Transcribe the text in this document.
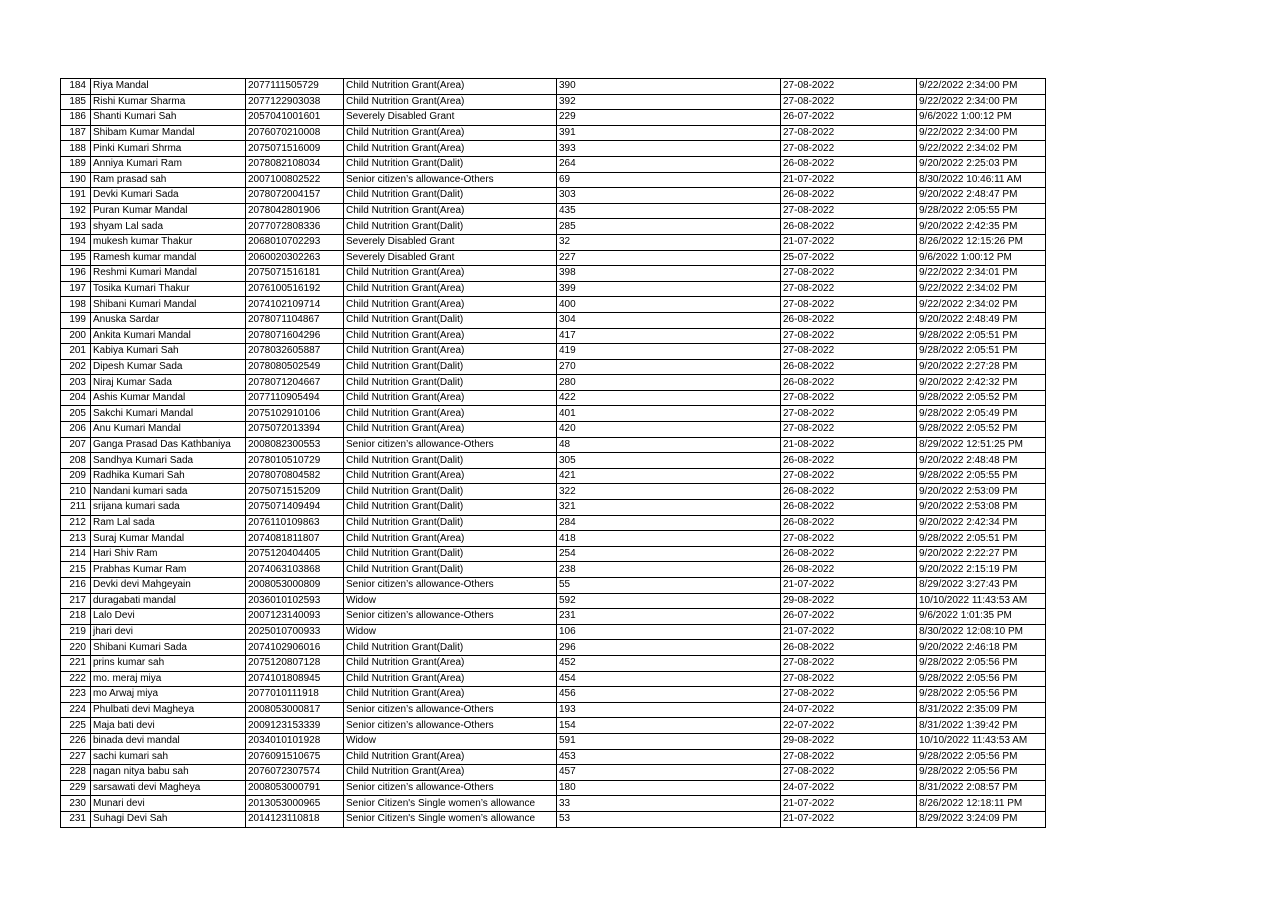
184	Riya Mandal	2077111505729	Child Nutrition Grant(Area)	390	27-08-2022	9/22/2022 2:34:00 PM
185	Rishi Kumar Sharma	2077122903038	Child Nutrition Grant(Area)	392	27-08-2022	9/22/2022 2:34:00 PM
186	Shanti Kumari Sah	2057041001601	Severely Disabled Grant	229	26-07-2022	9/6/2022 1:00:12 PM
187	Shibam Kumar Mandal	2076070210008	Child Nutrition Grant(Area)	391	27-08-2022	9/22/2022 2:34:00 PM
188	Pinki Kumari Shrma	2075071516009	Child Nutrition Grant(Area)	393	27-08-2022	9/22/2022 2:34:02 PM
189	Anniya Kumari Ram	2078082108034	Child Nutrition Grant(Dalit)	264	26-08-2022	9/20/2022 2:25:03 PM
190	Ram prasad sah	2007100802522	Senior citizen’s allowance-Others	69	21-07-2022	8/30/2022 10:46:11 AM
191	Devki Kumari Sada	2078072004157	Child Nutrition Grant(Dalit)	303	26-08-2022	9/20/2022 2:48:47 PM
192	Puran Kumar Mandal	2078042801906	Child Nutrition Grant(Area)	435	27-08-2022	9/28/2022 2:05:55 PM
193	shyam Lal sada	2077072808336	Child Nutrition Grant(Dalit)	285	26-08-2022	9/20/2022 2:42:35 PM
194	mukesh kumar Thakur	2068010702293	Severely Disabled Grant	32	21-07-2022	8/26/2022 12:15:26 PM
195	Ramesh kumar mandal	2060020302263	Severely Disabled Grant	227	25-07-2022	9/6/2022 1:00:12 PM
196	Reshmi Kumari Mandal	2075071516181	Child Nutrition Grant(Area)	398	27-08-2022	9/22/2022 2:34:01 PM
197	Tosika Kumari Thakur	2076100516192	Child Nutrition Grant(Area)	399	27-08-2022	9/22/2022 2:34:02 PM
198	Shibani Kumari Mandal	2074102109714	Child Nutrition Grant(Area)	400	27-08-2022	9/22/2022 2:34:02 PM
199	Anuska Sardar	2078071104867	Child Nutrition Grant(Dalit)	304	26-08-2022	9/20/2022 2:48:49 PM
200	Ankita Kumari Mandal	2078071604296	Child Nutrition Grant(Area)	417	27-08-2022	9/28/2022 2:05:51 PM
201	Kabiya Kumari Sah	2078032605887	Child Nutrition Grant(Area)	419	27-08-2022	9/28/2022 2:05:51 PM
202	Dipesh Kumar Sada	2078080502549	Child Nutrition Grant(Dalit)	270	26-08-2022	9/20/2022 2:27:28 PM
203	Niraj Kumar Sada	2078071204667	Child Nutrition Grant(Dalit)	280	26-08-2022	9/20/2022 2:42:32 PM
204	Ashis Kumar Mandal	2077110905494	Child Nutrition Grant(Area)	422	27-08-2022	9/28/2022 2:05:52 PM
205	Sakchi Kumari Mandal	2075102910106	Child Nutrition Grant(Area)	401	27-08-2022	9/28/2022 2:05:49 PM
206	Anu Kumari Mandal	2075072013394	Child Nutrition Grant(Area)	420	27-08-2022	9/28/2022 2:05:52 PM
207	Ganga Prasad Das Kathbaniya	2008082300553	Senior citizen’s allowance-Others	48	21-08-2022	8/29/2022 12:51:25 PM
208	Sandhya Kumari Sada	2078010510729	Child Nutrition Grant(Dalit)	305	26-08-2022	9/20/2022 2:48:48 PM
209	Radhika Kumari Sah	2078070804582	Child Nutrition Grant(Area)	421	27-08-2022	9/28/2022 2:05:55 PM
210	Nandani kumari sada	2075071515209	Child Nutrition Grant(Dalit)	322	26-08-2022	9/20/2022 2:53:09 PM
211	srijana kumari sada	2075071409494	Child Nutrition Grant(Dalit)	321	26-08-2022	9/20/2022 2:53:08 PM
212	Ram Lal sada	2076110109863	Child Nutrition Grant(Dalit)	284	26-08-2022	9/20/2022 2:42:34 PM
213	Suraj Kumar Mandal	2074081811807	Child Nutrition Grant(Area)	418	27-08-2022	9/28/2022 2:05:51 PM
214	Hari Shiv Ram	2075120404405	Child Nutrition Grant(Dalit)	254	26-08-2022	9/20/2022 2:22:27 PM
215	Prabhas Kumar Ram	2074063103868	Child Nutrition Grant(Dalit)	238	26-08-2022	9/20/2022 2:15:19 PM
216	Devki devi Mahgeyain	2008053000809	Senior citizen’s allowance-Others	55	21-07-2022	8/29/2022 3:27:43 PM
217	duragabati mandal	2036010102593	Widow	592	29-08-2022	10/10/2022 11:43:53 AM
218	Lalo Devi	2007123140093	Senior citizen’s allowance-Others	231	26-07-2022	9/6/2022 1:01:35 PM
219	jhari devi	2025010700933	Widow	106	21-07-2022	8/30/2022 12:08:10 PM
220	Shibani Kumari Sada	2074102906016	Child Nutrition Grant(Dalit)	296	26-08-2022	9/20/2022 2:46:18 PM
221	prins kumar sah	2075120807128	Child Nutrition Grant(Area)	452	27-08-2022	9/28/2022 2:05:56 PM
222	mo. meraj miya	2074101808945	Child Nutrition Grant(Area)	454	27-08-2022	9/28/2022 2:05:56 PM
223	mo Arwaj miya	2077010111918	Child Nutrition Grant(Area)	456	27-08-2022	9/28/2022 2:05:56 PM
224	Phulbati devi Magheya	2008053000817	Senior citizen’s allowance-Others	193	24-07-2022	8/31/2022 2:35:09 PM
225	Maja bati devi	2009123153339	Senior citizen’s allowance-Others	154	22-07-2022	8/31/2022 1:39:42 PM
226	binada devi mandal	2034010101928	Widow	591	29-08-2022	10/10/2022 11:43:53 AM
227	sachi kumari sah	2076091510675	Child Nutrition Grant(Area)	453	27-08-2022	9/28/2022 2:05:56 PM
228	nagan nitya babu sah	2076072307574	Child Nutrition Grant(Area)	457	27-08-2022	9/28/2022 2:05:56 PM
229	sarsawati devi Magheya	2008053000791	Senior citizen’s allowance-Others	180	24-07-2022	8/31/2022 2:08:57 PM
230	Munari devi	2013053000965	Senior Citizen's Single women’s allowance	33	21-07-2022	8/26/2022 12:18:11 PM
231	Suhagi Devi Sah	2014123110818	Senior Citizen's Single women’s allowance	53	21-07-2022	8/29/2022 3:24:09 PM
